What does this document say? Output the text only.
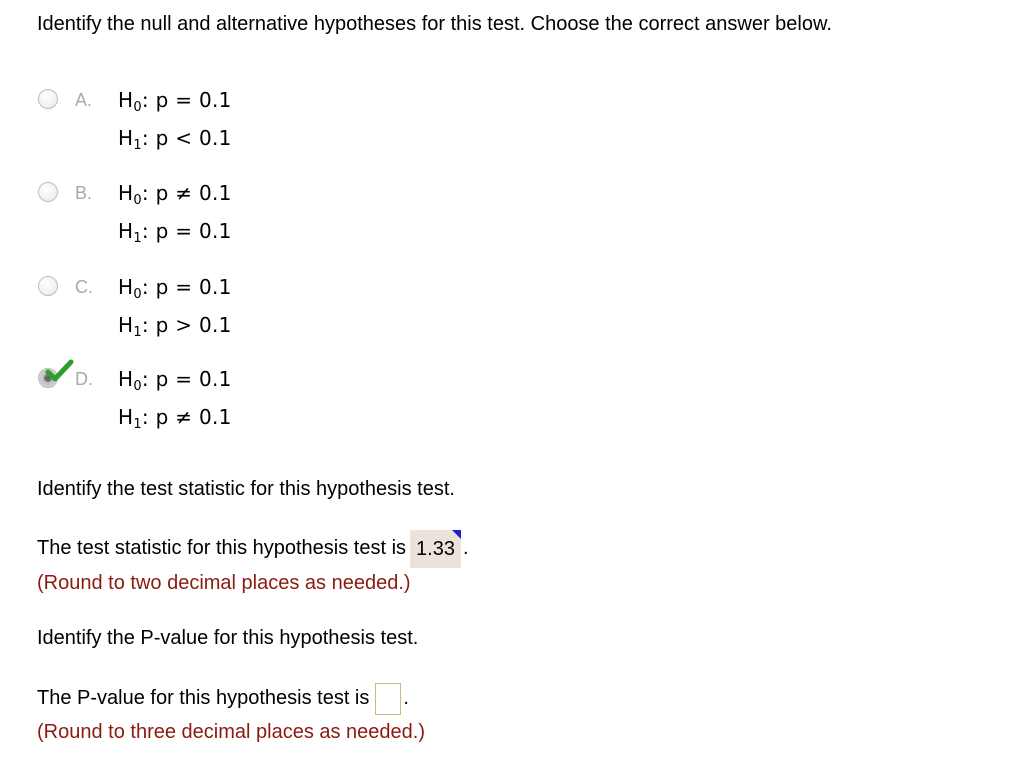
Identify the null and alternative hypotheses for this test. Choose the correct answer below.
A. $H_0$: p = 0.1
$H_1$: p < 0.1
B. $H_0$: p ≠ 0.1
$H_1$: p = 0.1
C. $H_0$: p = 0.1
$H_1$: p > 0.1
D. $H_0$: p = 0.1
$H_1$: p ≠ 0.1
Identify the test statistic for this hypothesis test.
The test statistic for this hypothesis test is 1.33 .
(Round to two decimal places as needed.)
Identify the P-value for this hypothesis test.
The P-value for this hypothesis test is .
(Round to three decimal places as needed.)
